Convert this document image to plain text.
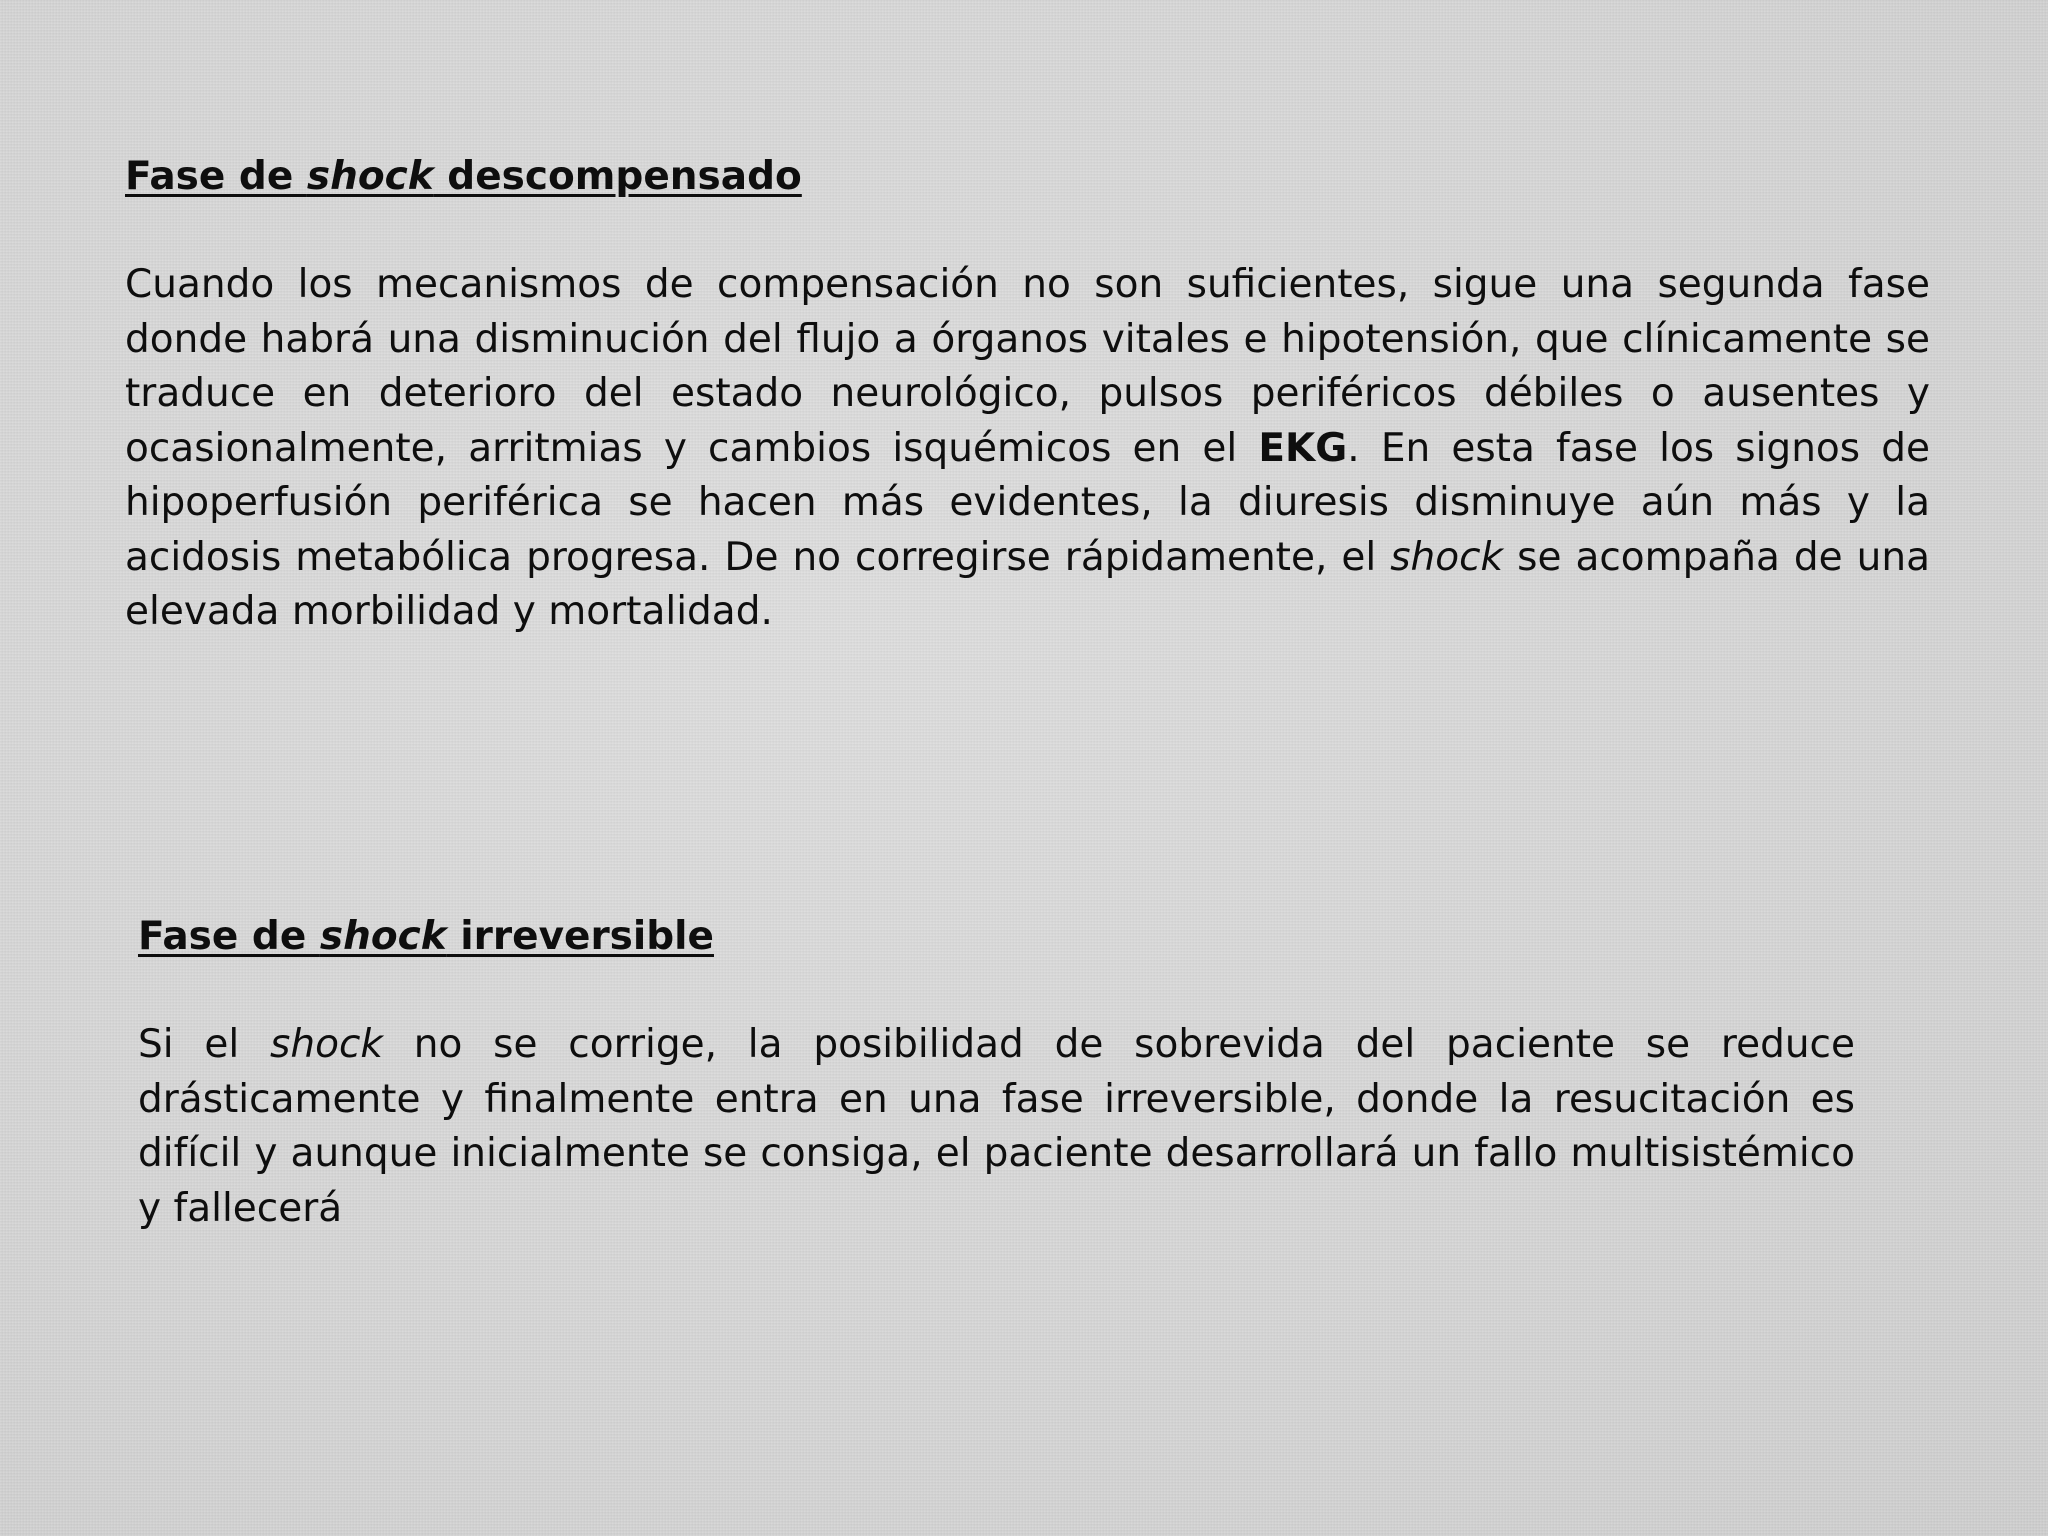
Fase de shock descompensado

Cuando los mecanismos de compensación no son suficientes, sigue una segunda fase donde habrá una disminución del flujo a órganos vitales e hipotensión, que clínicamente se traduce en deterioro del estado neurológico, pulsos periféricos débiles o ausentes y ocasionalmente, arritmias y cambios isquémicos en el EKG. En esta fase los signos de hipoperfusión periférica se hacen más evidentes, la diuresis disminuye aún más y la acidosis metabólica progresa. De no corregirse rápidamente, el shock se acompaña de una elevada morbilidad y mortalidad.

Fase de shock irreversible

Si el shock no se corrige, la posibilidad de sobrevida del paciente se reduce drásticamente y finalmente entra en una fase irreversible, donde la resucitación es difícil y aunque inicialmente se consiga, el paciente desarrollará un fallo multisistémico y fallecerá
